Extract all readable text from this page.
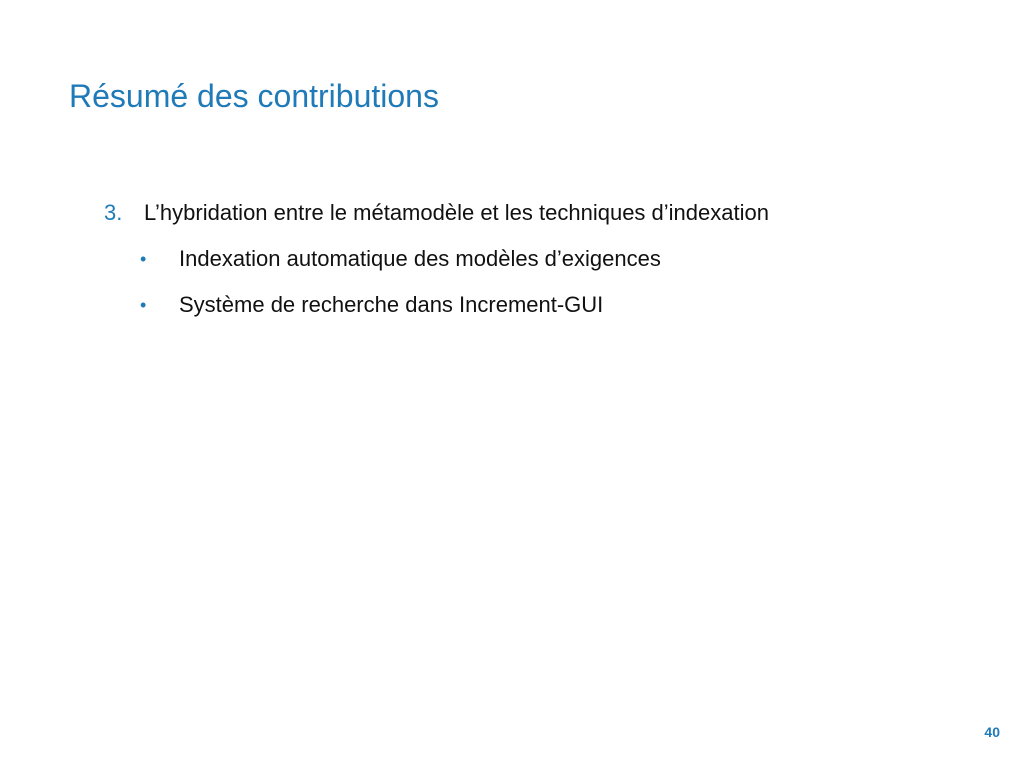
Résumé des contributions
3. L’hybridation entre le métamodèle et les techniques d’indexation
• Indexation automatique des modèles d’exigences
• Système de recherche dans Increment-GUI
40
